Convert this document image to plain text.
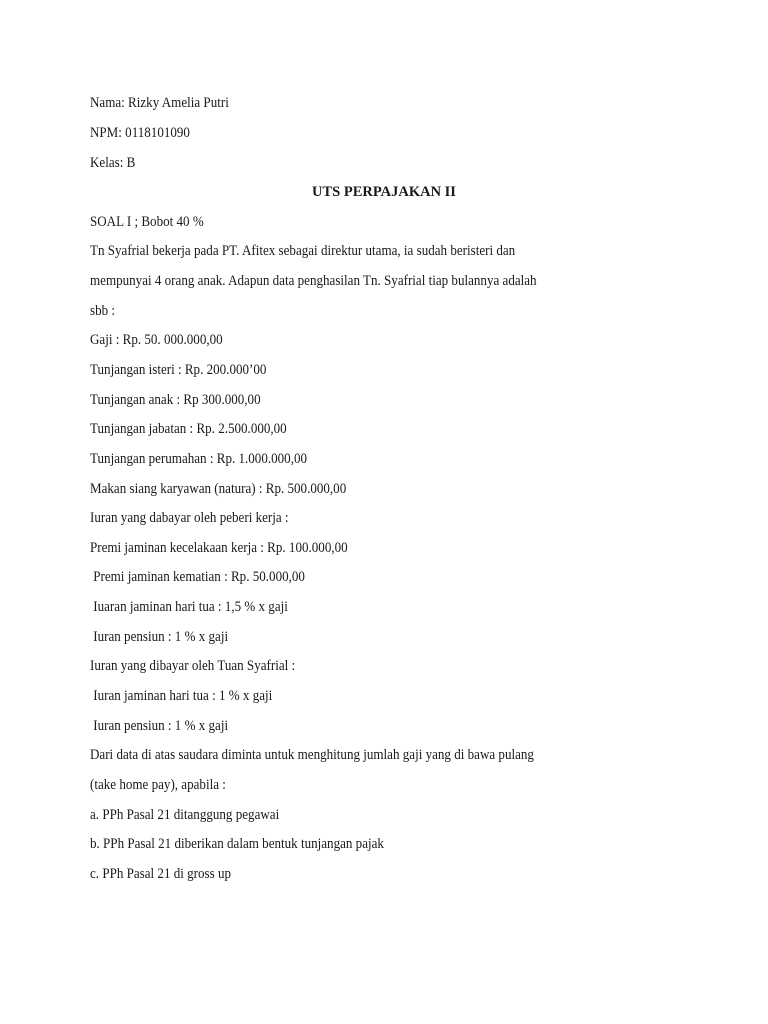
Nama: Rizky Amelia Putri
NPM: 0118101090
Kelas: B
UTS PERPAJAKAN II
SOAL I ; Bobot 40 %
Tn Syafrial bekerja pada PT. Afitex sebagai direktur utama, ia sudah beristeri dan
mempunyai 4 orang anak. Adapun data penghasilan Tn. Syafrial tiap bulannya adalah
sbb :
Gaji : Rp. 50. 000.000,00
Tunjangan isteri : Rp. 200.000’00
Tunjangan anak : Rp 300.000,00
Tunjangan jabatan : Rp. 2.500.000,00
Tunjangan perumahan : Rp. 1.000.000,00
Makan siang karyawan (natura) : Rp. 500.000,00
Iuran yang dabayar oleh peberi kerja :
Premi jaminan kecelakaan kerja : Rp. 100.000,00
Premi jaminan kematian : Rp. 50.000,00
Iuaran jaminan hari tua : 1,5 % x gaji
Iuran pensiun : 1 % x gaji
Iuran yang dibayar oleh Tuan Syafrial :
Iuran jaminan hari tua : 1 % x gaji
Iuran pensiun : 1 % x gaji
Dari data di atas saudara diminta untuk menghitung jumlah gaji yang di bawa pulang
(take home pay), apabila :
a. PPh Pasal 21 ditanggung pegawai
b. PPh Pasal 21 diberikan dalam bentuk tunjangan pajak
c. PPh Pasal 21 di gross up
